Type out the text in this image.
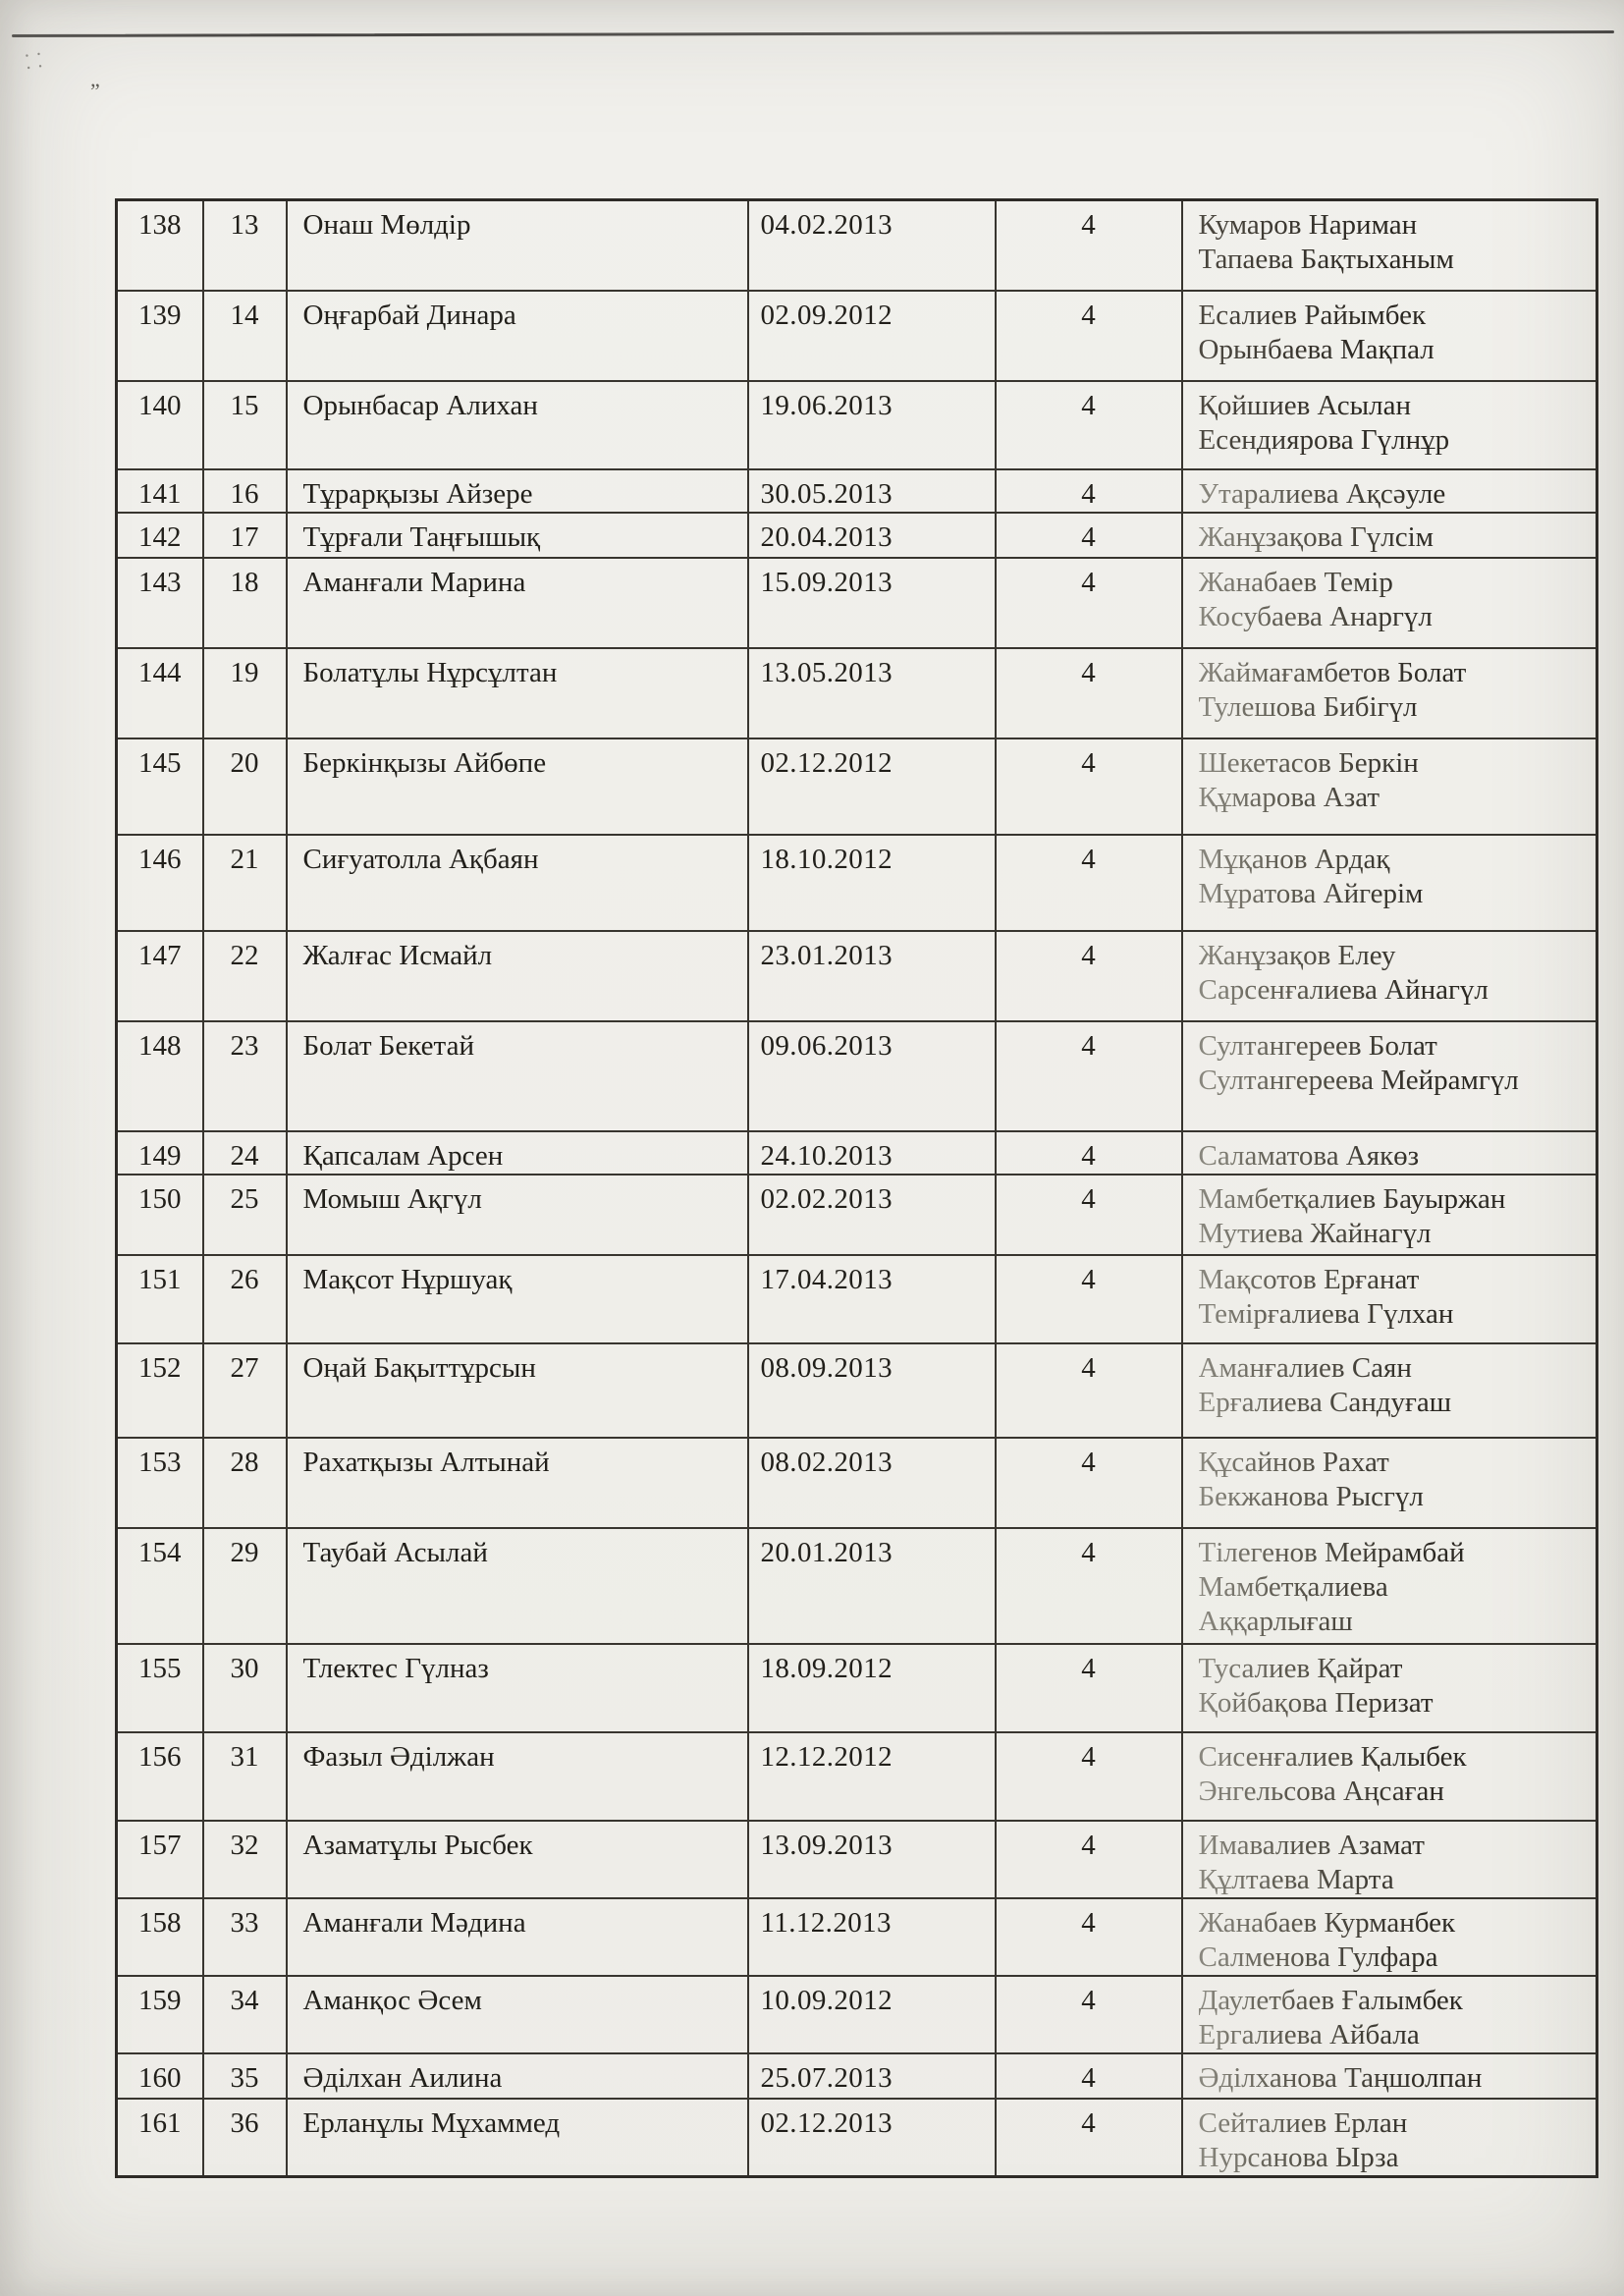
⸬
”
138	13	Онаш Мөлдір	04.02.2013	4	Кумаров Нариман
Тапаева Бақтыханым

139	14	Оңғарбай Динара	02.09.2012	4	Есалиев Райымбек
Орынбаева Мақпал

140	15	Орынбасар Алихан	19.06.2013	4	Қойшиев Асылан
Есендиярова Гүлнұр

141	16	Тұрарқызы Айзере	30.05.2013	4	Утаралиева Ақсәуле

142	17	Тұрғали Таңғышық	20.04.2013	4	Жанұзақова Гүлсім

143	18	Аманғали Марина	15.09.2013	4	Жанабаев Темір
Косубаева Анаргүл

144	19	Болатұлы Нұрсұлтан	13.05.2013	4	Жаймағамбетов Болат
Тулешова Бибігүл

145	20	Беркінқызы Айбөпе	02.12.2012	4	Шекетасов Беркін
Құмарова Азат

146	21	Сиғуатолла Ақбаян	18.10.2012	4	Мұқанов Ардақ
Мұратова Айгерім

147	22	Жалғас Исмайл	23.01.2013	4	Жанұзақов Елеу
Сарсенғалиева Айнагүл

148	23	Болат Бекетай	09.06.2013	4	Султангереев Болат
Султангереева Мейрамгүл

149	24	Қапсалам Арсен	24.10.2013	4	Саламатова Аякөз

150	25	Момыш Ақгүл	02.02.2013	4	Мамбетқалиев Бауыржан
Мутиева Жайнагүл

151	26	Мақсот Нұршуақ	17.04.2013	4	Мақсотов Ерғанат
Темірғалиева Гүлхан

152	27	Оңай Бақыттұрсын	08.09.2013	4	Аманғалиев Саян
Ерғалиева Сандуғаш

153	28	Рахатқызы Алтынай	08.02.2013	4	Құсайнов Рахат
Бекжанова Рысгүл

154	29	Таубай Асылай	20.01.2013	4	Тілегенов Мейрамбай
Мамбетқалиева
Аққарлығаш

155	30	Тлектес Гүлназ	18.09.2012	4	Тусалиев Қайрат
Қойбақова Перизат

156	31	Фазыл Әділжан	12.12.2012	4	Сисенғалиев Қалыбек
Энгельсова Аңсаған

157	32	Азаматұлы Рысбек	13.09.2013	4	Имавалиев Азамат
Құлтаева Марта

158	33	Аманғали Мәдина	11.12.2013	4	Жанабаев Курманбек
Салменова Гулфара

159	34	Аманқос Әсем	10.09.2012	4	Даулетбаев Ғалымбек
Ергалиева Айбала

160	35	Әділхан Аилина	25.07.2013	4	Әділханова Таңшолпан

161	36	Ерланұлы Мұхаммед	02.12.2013	4	Сейталиев Ерлан
Нурсанова Ырза
